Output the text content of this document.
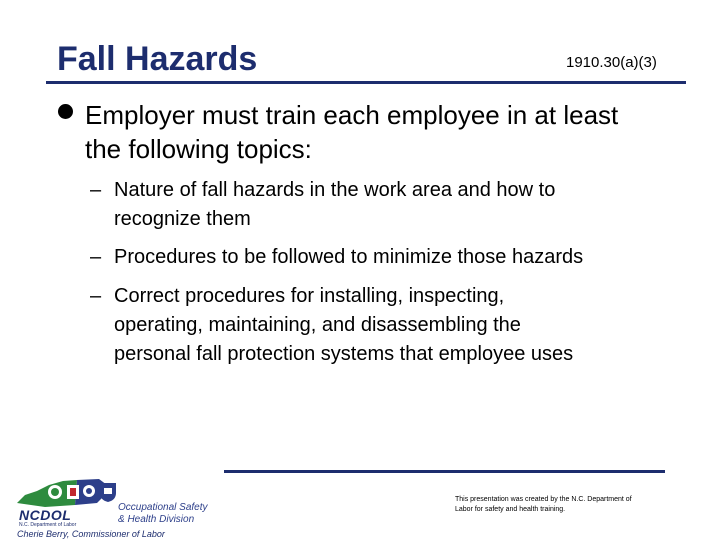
Fall Hazards	1910.30(a)(3)
Employer must train each employee in at least
the following topics:
– Nature of fall hazards in the work area and how to
recognize them
– Procedures to be followed to minimize those hazards
– Correct procedures for installing, inspecting,
operating, maintaining, and disassembling the
personal fall protection systems that employee uses
NCDOL
N.C. Department of Labor
Occupational Safety
& Health Division
Cherie Berry, Commissioner of Labor
This presentation was created by the N.C. Department of
Labor for safety and health training.
